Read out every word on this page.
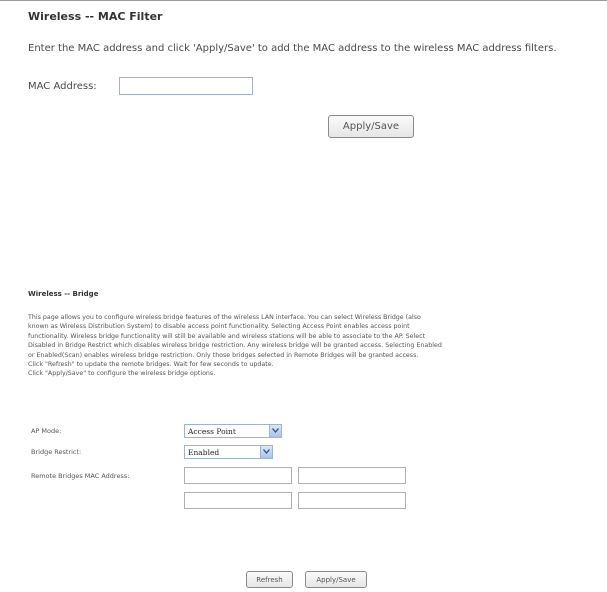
Wireless -- MAC Filter
Enter the MAC address and click 'Apply/Save' to add the MAC address to the wireless MAC address filters.
MAC Address:
Apply/Save
Wireless -- Bridge
This page allows you to configure wireless bridge features of the wireless LAN interface. You can select Wireless Bridge (also
known as Wireless Distribution System) to disable access point functionality. Selecting Access Point enables access point
functionality. Wireless bridge functionality will still be available and wireless stations will be able to associate to the AP. Select
Disabled in Bridge Restrict which disables wireless bridge restriction. Any wireless bridge will be granted access. Selecting Enabled
or Enabled(Scan) enables wireless bridge restriction. Only those bridges selected in Remote Bridges will be granted access.
Click "Refresh" to update the remote bridges. Wait for few seconds to update.
Click "Apply/Save" to configure the wireless bridge options.
AP Mode:	Access Point
Bridge Restrict:	Enabled
Remote Bridges MAC Address:
Refresh	Apply/Save
